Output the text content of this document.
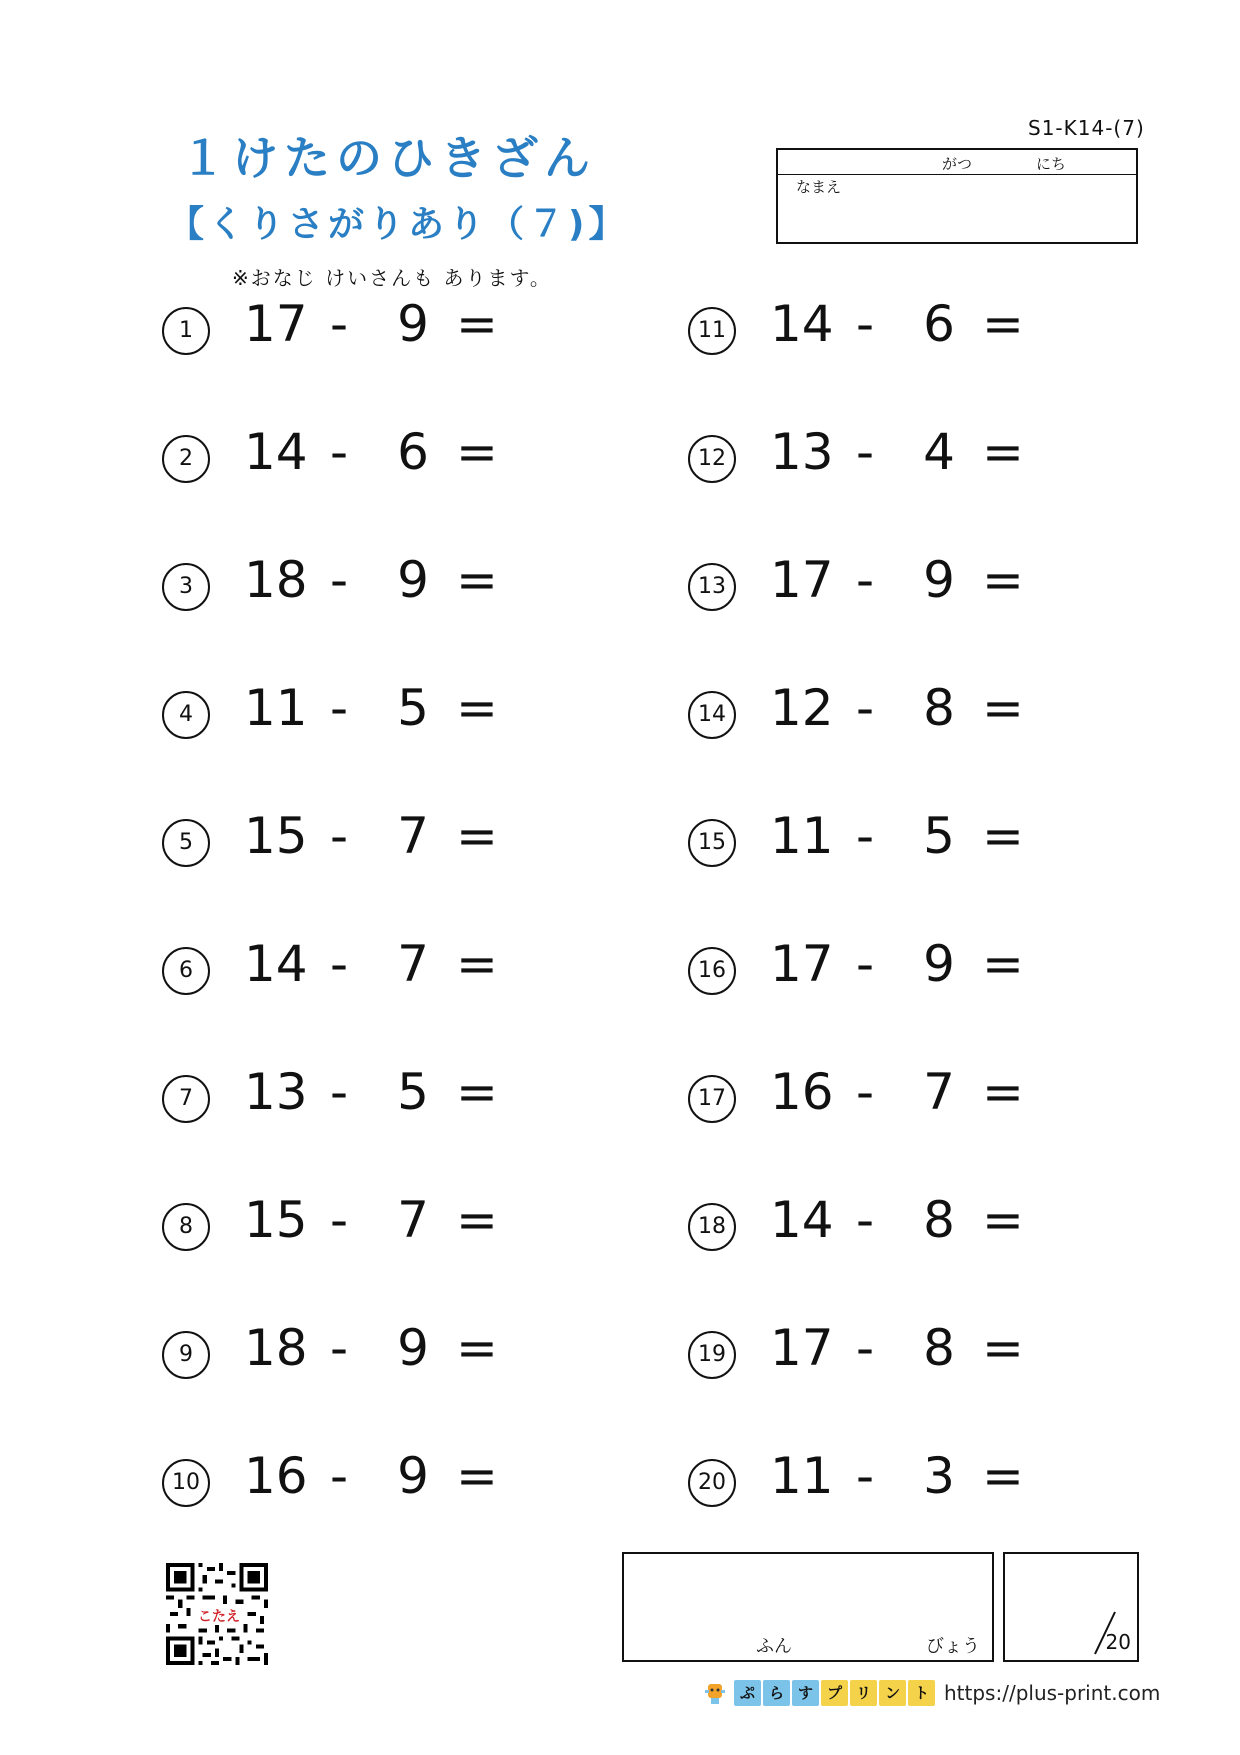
１けたのひきざん
【くりさがりあり（７)】
※おなじ けいさんも あります。
S1-K14-(7)
がつ	にち
なまえ
1	17 - 9 =
2	14 - 6 =
3	18 - 9 =
4	11 - 5 =
5	15 - 7 =
6	14 - 7 =
7	13 - 5 =
8	15 - 7 =
9	18 - 9 =
10 16 - 9 =
11 14 - 6 =
12 13 - 4 =
13 17 - 9 =
14 12 - 8 =
15 11 - 5 =
16 17 - 9 =
17 16 - 7 =
18 14 - 8 =
19 17 - 8 =
20 11 - 3 =
こたえ
ふん	びょう	20
ぷ ら す プ リ ン ト https://plus-print.com
